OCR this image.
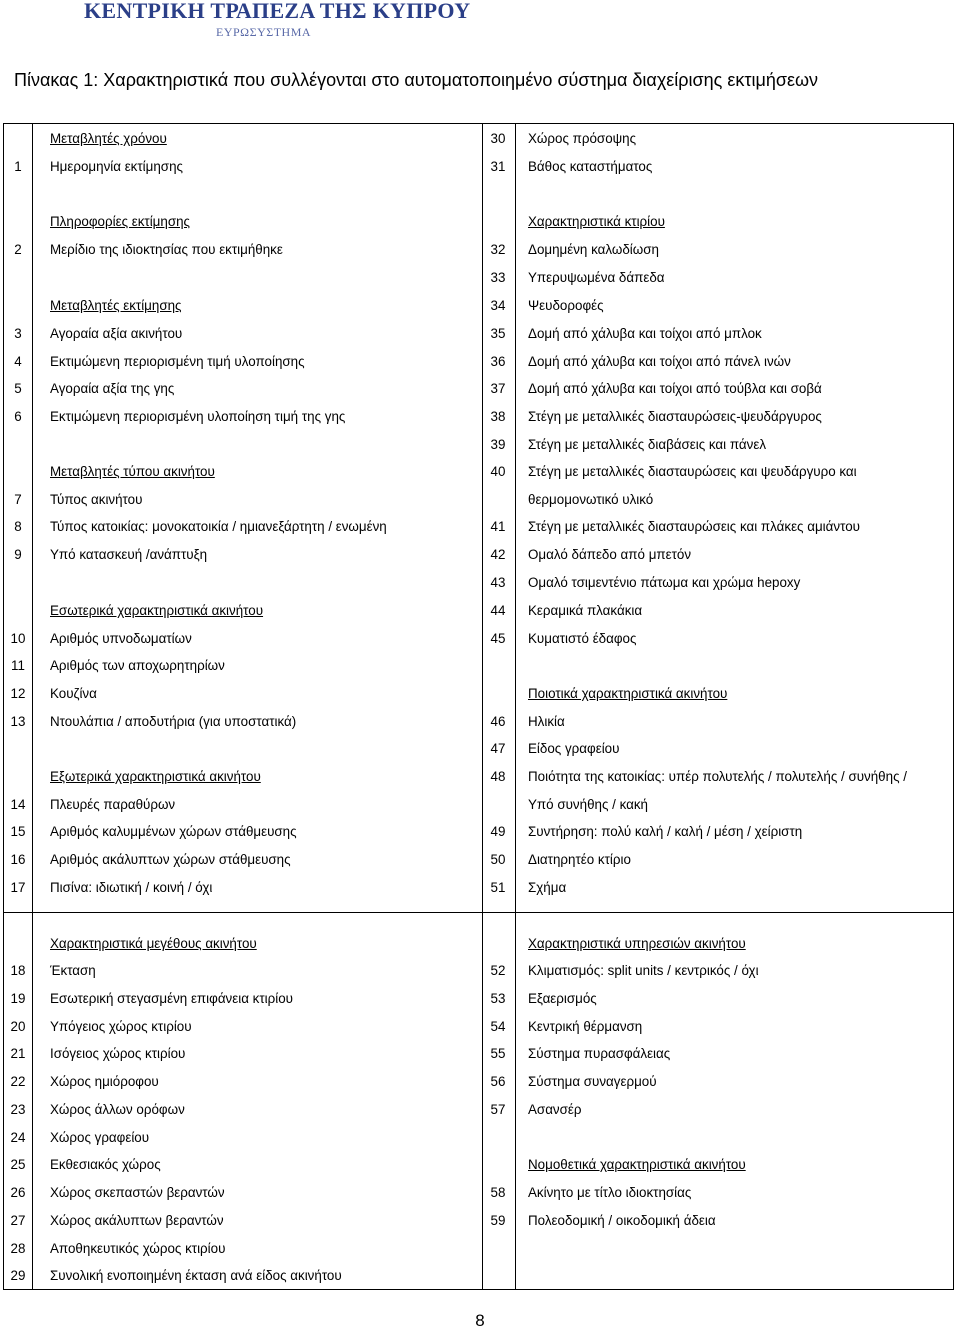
ΚΕΝΤΡΙΚΗ ΤΡΑΠΕΖΑ ΤΗΣ ΚΥΠΡΟΥ
ΕΥΡΩΣΥΣΤΗΜΑ
Πίνακας 1: Χαρακτηριστικά που συλλέγονται στο αυτοματοποιημένο σύστημα διαχείρισης εκτιμήσεων
Μεταβλητές χρόνου
1	Ημερομηνία εκτίμησης
Πληροφορίες εκτίμησης
2	Μερίδιο της ιδιοκτησίας που εκτιμήθηκε
Μεταβλητές εκτίμησης
3	Αγοραία αξία ακινήτου
4	Εκτιμώμενη περιορισμένη τιμή υλοποίησης
5	Αγοραία αξία της γης
6	Εκτιμώμενη περιορισμένη υλοποίηση τιμή της γης
Μεταβλητές τύπου ακινήτου
7	Τύπος ακινήτου
8	Τύπος κατοικίας: μονοκατοικία / ημιανεξάρτητη / ενωμένη
9	Υπό κατασκευή /ανάπτυξη
Εσωτερικά χαρακτηριστικά ακινήτου
10	Αριθμός υπνοδωματίων
11	Αριθμός των αποχωρητηρίων
12	Κουζίνα
13	Ντουλάπια / αποδυτήρια (για υποστατικά)
Εξωτερικά χαρακτηριστικά ακινήτου
14	Πλευρές παραθύρων
15	Αριθμός καλυμμένων χώρων στάθμευσης
16	Αριθμός ακάλυπτων χώρων στάθμευσης
17	Πισίνα: ιδιωτική / κοινή / όχι
Χαρακτηριστικά μεγέθους ακινήτου
18	Έκταση
19	Εσωτερική στεγασμένη επιφάνεια κτιρίου
20	Υπόγειος χώρος κτιρίου
21	Ισόγειος χώρος κτιρίου
22	Χώρος ημιόροφου
23	Χώρος άλλων ορόφων
24	Χώρος γραφείου
25	Εκθεσιακός χώρος
26	Χώρος σκεπαστών βεραντών
27	Χώρος ακάλυπτων βεραντών
28	Αποθηκευτικός χώρος κτιρίου
29	Συνολική ενοποιημένη έκταση ανά είδος ακινήτου
30	Χώρος πρόσοψης
31	Βάθος καταστήματος
Χαρακτηριστικά κτιρίου
32	Δομημένη καλωδίωση
33	Υπερυψωμένα δάπεδα
34	Ψευδοροφές
35	Δομή από χάλυβα και τοίχοι από μπλοκ
36	Δομή από χάλυβα και τοίχοι από πάνελ ινών
37	Δομή από χάλυβα και τοίχοι από τούβλα και σοβά
38	Στέγη με μεταλλικές διασταυρώσεις-ψευδάργυρος
39	Στέγη με μεταλλικές διαβάσεις και πάνελ
40	Στέγη με μεταλλικές διασταυρώσεις και ψευδάργυρο και
θερμομονωτικό υλικό
41	Στέγη με μεταλλικές διασταυρώσεις και πλάκες αμιάντου
42	Ομαλό δάπεδο από μπετόν
43	Ομαλό τσιμεντένιο πάτωμα και χρώμα hepoxy
44	Κεραμικά πλακάκια
45	Κυματιστό έδαφος
Ποιοτικά χαρακτηριστικά ακινήτου
46	Ηλικία
47	Είδος γραφείου
48	Ποιότητα της κατοικίας: υπέρ πολυτελής / πολυτελής / συνήθης /
Υπό συνήθης / κακή
49	Συντήρηση: πολύ καλή / καλή / μέση / χείριστη
50	Διατηρητέο κτίριο
51	Σχήμα
Χαρακτηριστικά υπηρεσιών ακινήτου
52	Κλιματισμός: split units / κεντρικός / όχι
53	Εξαερισμός
54	Κεντρική θέρμανση
55	Σύστημα πυρασφάλειας
56	Σύστημα συναγερμού
57	Ασανσέρ
Νομοθετικά χαρακτηριστικά ακινήτου
58	Ακίνητο με τίτλο ιδιοκτησίας
59	Πολεοδομική / οικοδομική άδεια
8
